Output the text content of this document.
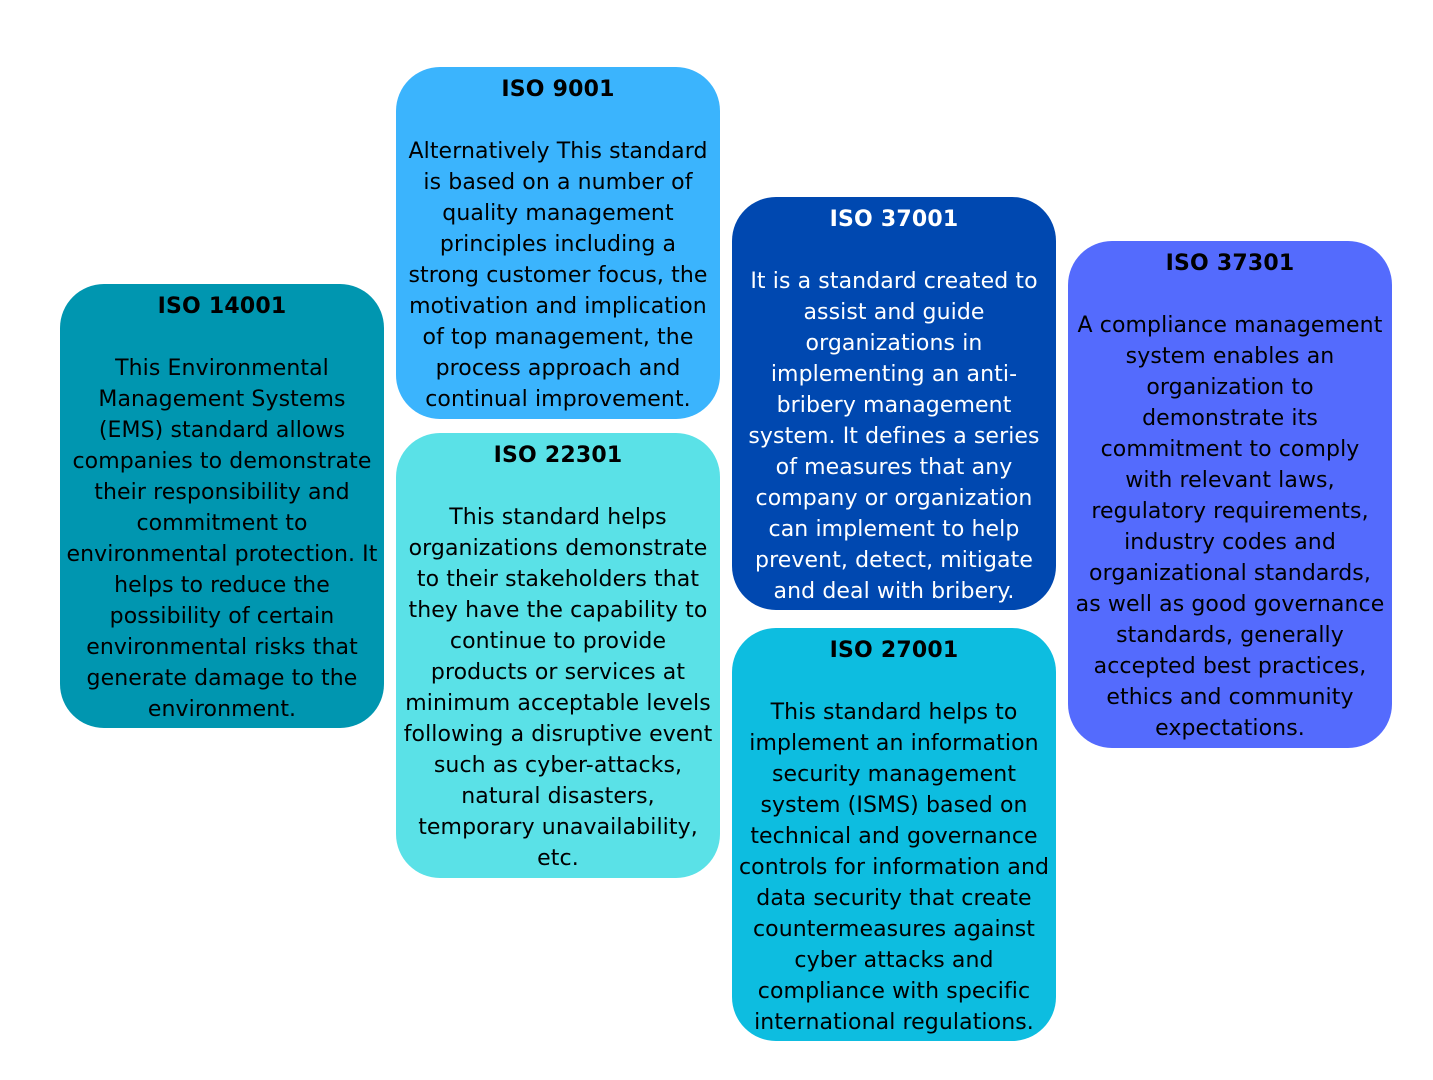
ISO 14001

This Environmental Management Systems (EMS) standard allows companies to demonstrate their responsibility and commitment to environmental protection. It helps to reduce the possibility of certain environmental risks that generate damage to the environment.

ISO 9001

Alternatively This standard is based on a number of quality management principles including a strong customer focus, the motivation and implication of top management, the process approach and continual improvement.

ISO 22301

This standard helps organizations demonstrate to their stakeholders that they have the capability to continue to provide products or services at minimum acceptable levels following a disruptive event such as cyber-attacks, natural disasters, temporary unavailability, etc.

ISO 37001

It is a standard created to assist and guide organizations in implementing an anti-bribery management system. It defines a series of measures that any company or organization can implement to help prevent, detect, mitigate and deal with bribery.

ISO 27001

This standard helps to implement an information security management system (ISMS) based on technical and governance controls for information and data security that create countermeasures against cyber attacks and compliance with specific international regulations.

ISO 37301

A compliance management system enables an organization to demonstrate its commitment to comply with relevant laws, regulatory requirements, industry codes and organizational standards, as well as good governance standards, generally accepted best practices, ethics and community expectations.
